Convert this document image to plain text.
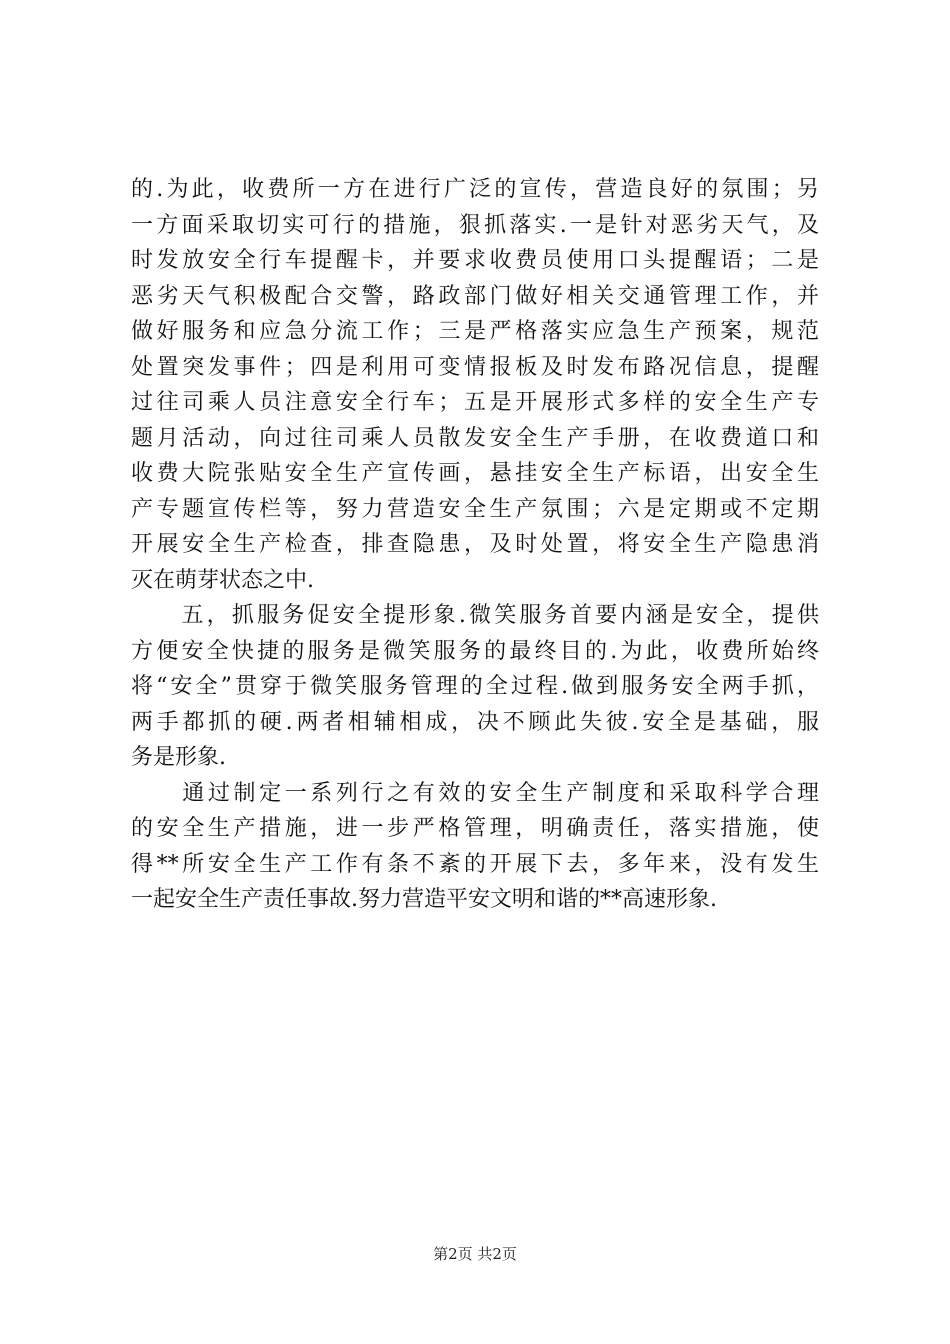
的.为此，收费所一方在进行广泛的宣传，营造良好的氛围；另
一方面采取切实可行的措施，狠抓落实.一是针对恶劣天气，及
时发放安全行车提醒卡，并要求收费员使用口头提醒语；二是
恶劣天气积极配合交警，路政部门做好相关交通管理工作，并
做好服务和应急分流工作；三是严格落实应急生产预案，规范
处置突发事件；四是利用可变情报板及时发布路况信息，提醒
过往司乘人员注意安全行车；五是开展形式多样的安全生产专
题月活动，向过往司乘人员散发安全生产手册，在收费道口和
收费大院张贴安全生产宣传画，悬挂安全生产标语，出安全生
产专题宣传栏等，努力营造安全生产氛围；六是定期或不定期
开展安全生产检查，排查隐患，及时处置，将安全生产隐患消
灭在萌芽状态之中.
　　五，抓服务促安全提形象.微笑服务首要内涵是安全，提供
方便安全快捷的服务是微笑服务的最终目的.为此，收费所始终
将“安全”贯穿于微笑服务管理的全过程.做到服务安全两手抓，
两手都抓的硬.两者相辅相成，决不顾此失彼.安全是基础，服
务是形象.
　　通过制定一系列行之有效的安全生产制度和采取科学合理
的安全生产措施，进一步严格管理，明确责任，落实措施，使
得**所安全生产工作有条不紊的开展下去，多年来，没有发生
一起安全生产责任事故.努力营造平安文明和谐的**高速形象.
第2页 共2页
